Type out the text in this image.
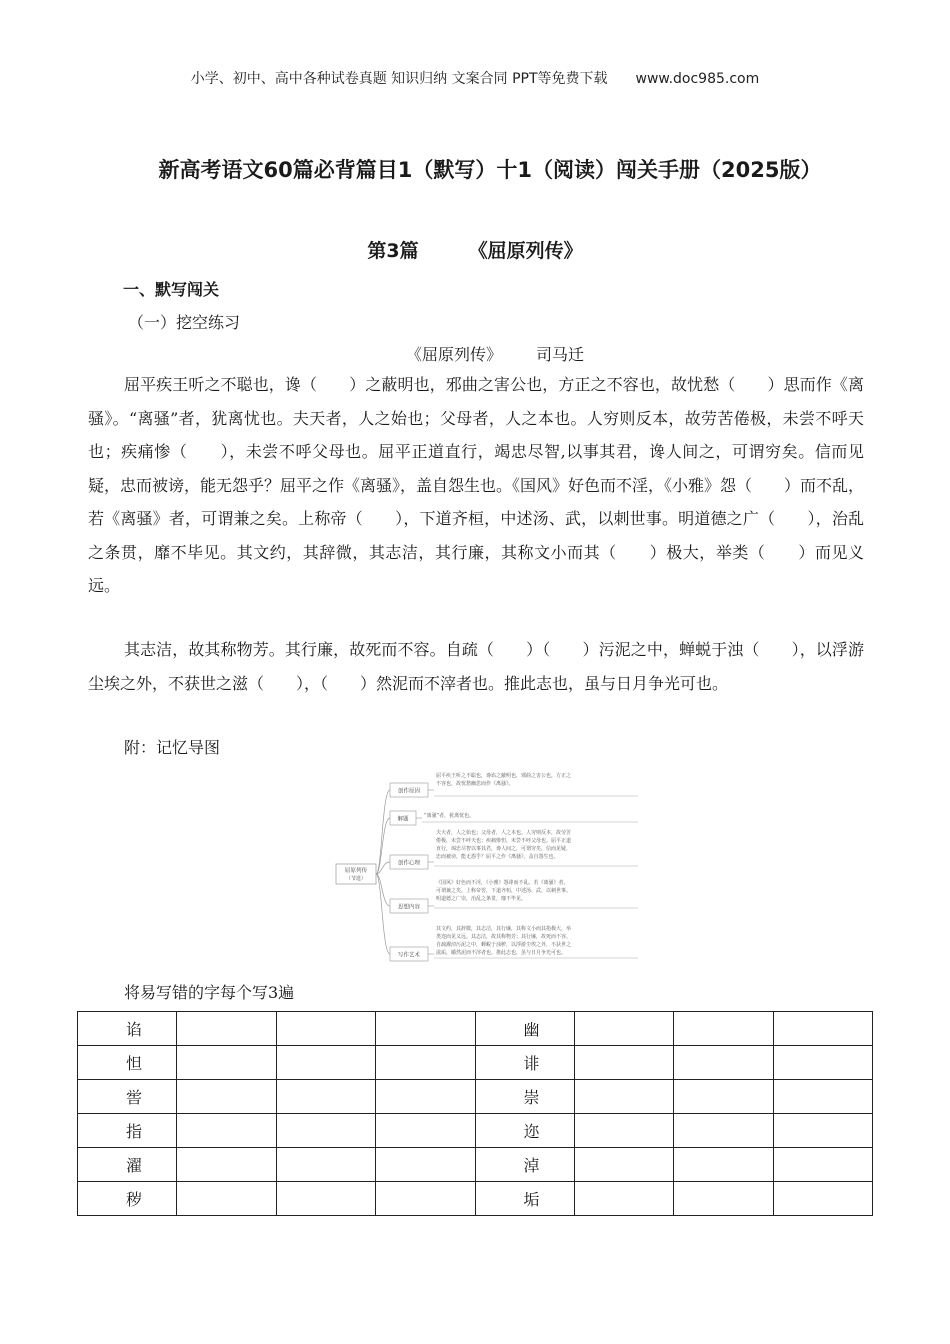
小学、初中、高中各种试卷真题 知识归纳 文案合同 PPT等免费下载 www.doc985.com
新高考语文60篇必背篇目1（默写）十1（阅读）闯关手册（2025版）
第3篇	《屈原列传》
一、默写闯关
（一）挖空练习
《屈原列传》 司马迁

屈平疾王听之不聪也，谗（　　）之蔽明也，邪曲之害公也，方正之不容也，故忧愁（　　）思而作《离骚》。“离骚”者，犹离忧也。夫天者，人之始也；父母者，人之本也。人穷则反本，故劳苦倦极，未尝不呼天也；疾痛惨（　　），未尝不呼父母也。屈平正道直行，竭忠尽智,以事其君，谗人间之，可谓穷矣。信而见疑，忠而被谤，能无怨乎？屈平之作《离骚》，盖自怨生也。《国风》好色而不淫，《小雅》怨（　　）而不乱，若《离骚》者，可谓兼之矣。上称帝（　　），下道齐桓，中述汤、武，以刺世事。明道德之广（　　），治乱之条贯，靡不毕见。其文约，其辞微，其志洁，其行廉，其称文小而其（　　）极大，举类（　　）而见义远。

其志洁，故其称物芳。其行廉，故死而不容。自疏（　　）（　　）污泥之中，蝉蜕于浊（　　），以浮游尘埃之外，不获世之滋（　　），（　　）然泥而不滓者也。推此志也，虽与日月争光可也。

附：记忆导图
屈原列传
（节选）
创作原因
屈平疾王听之不聪也，谗谄之蔽明也，邪曲之害公也，方正之
不容也，故忧愁幽思而作《离骚》。
解题
“离骚”者，犹离忧也。
创作心理
夫天者，人之始也；父母者，人之本也。人穷则反本，故劳苦
倦极，未尝不呼天也；疾痛惨怛，未尝不呼父母也。屈平正道
直行，竭忠尽智以事其君，谗人间之，可谓穷矣。信而见疑，
忠而被谤，能无怨乎？屈平之作《离骚》，盖自怨生也。
思想内容
《国风》好色而不淫，《小雅》怨诽而不乱。若《离骚》者，
可谓兼之矣。上称帝喾，下道齐桓，中述汤、武，以刺世事。
明道德之广崇，治乱之条贯，靡不毕见。
写作艺术
其文约，其辞微，其志洁，其行廉，其称文小而其指极大，举
类迩而见义远。其志洁，故其称物芳；其行廉，故死而不容。
自疏濯淖污泥之中，蝉蜕于浊秽，以浮游尘埃之外，不获世之
滋垢，皭然泥而不滓者也。推此志也，虽与日月争光可也。
将易写错的字每个写3遍
谄				幽			
怛				诽			
喾				崇			
指				迩			
濯				淖			
秽				垢			
